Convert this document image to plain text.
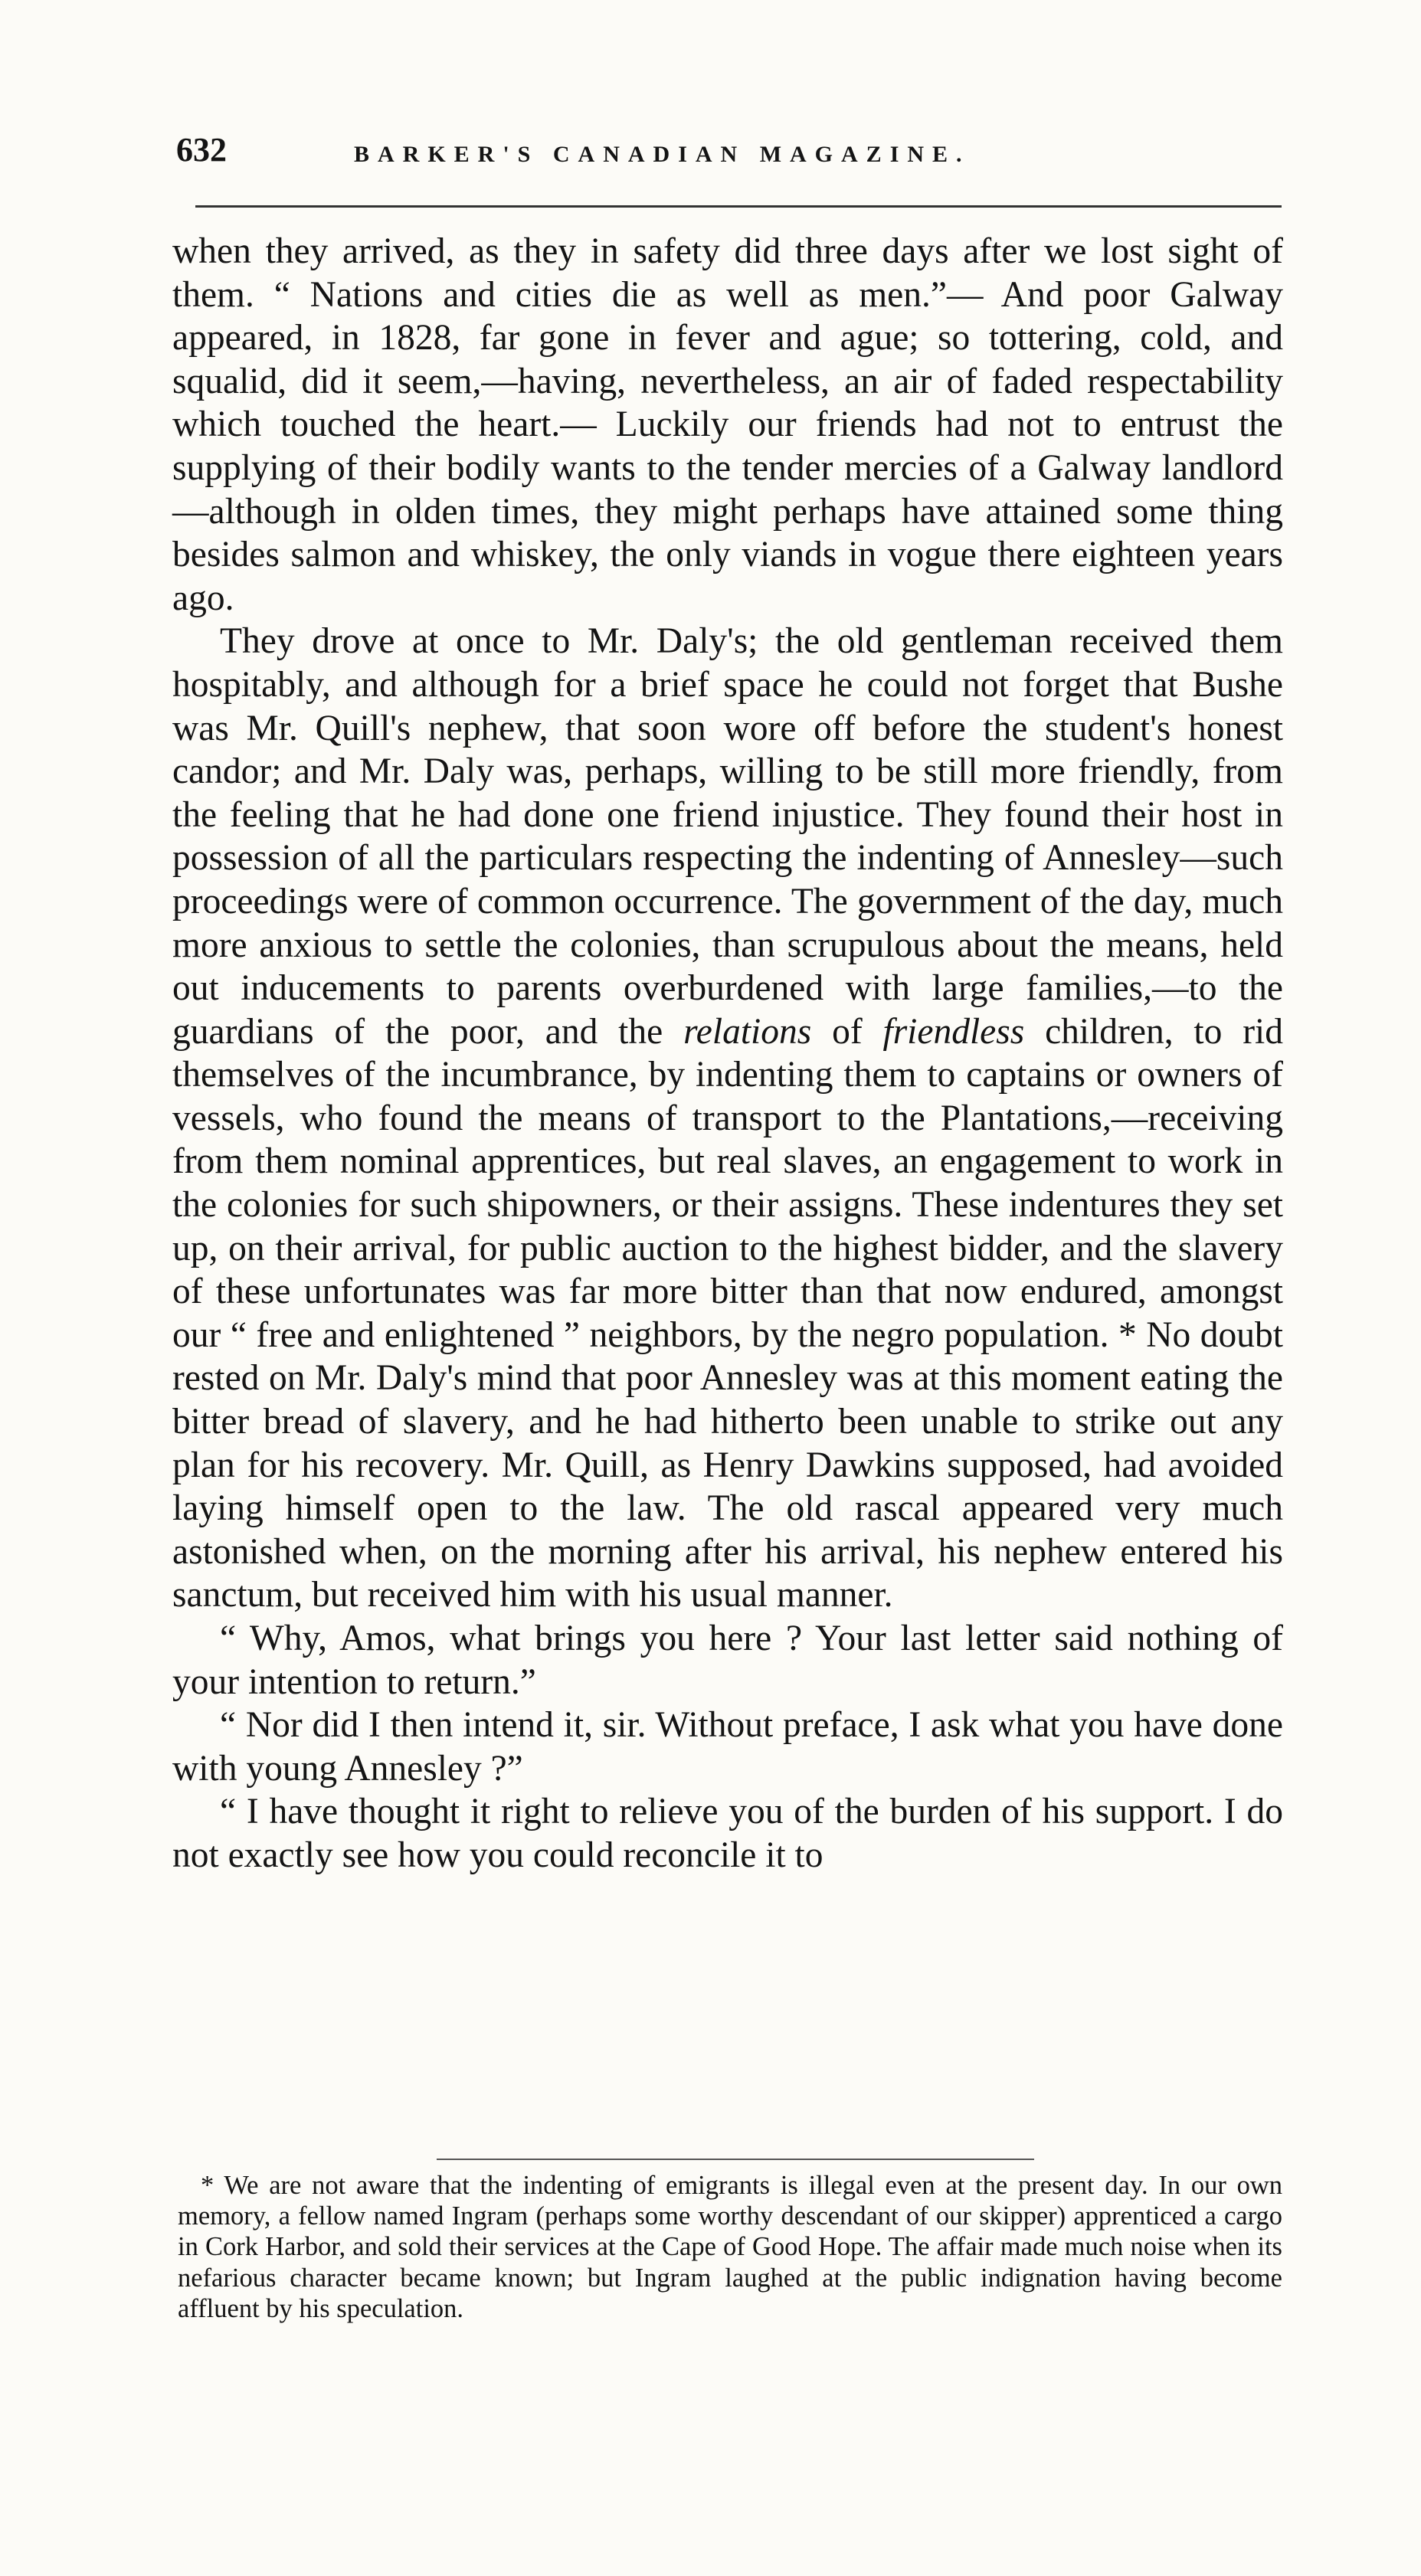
632	BARKER'S CANADIAN MAGAZINE.

when they arrived, as they in safety did three days after we lost sight of them. “ Nations and cities die as well as men.”— And poor Galway appeared, in 1828, far gone in fever and ague; so tottering, cold, and squalid, did it seem,—having, nevertheless, an air of faded respectability which touched the heart.— Luckily our friends had not to entrust the supplying of their bodily wants to the tender mercies of a Galway landlord—although in olden times, they might perhaps have attained some thing besides salmon and whiskey, the only viands in vogue there eighteen years ago.

They drove at once to Mr. Daly's; the old gentleman received them hospitably, and although for a brief space he could not forget that Bushe was Mr. Quill's nephew, that soon wore off before the student's honest candor; and Mr. Daly was, perhaps, willing to be still more friendly, from the feeling that he had done one friend injustice. They found their host in possession of all the particulars respecting the indenting of Annesley—such proceedings were of common occurrence. The government of the day, much more anxious to settle the colonies, than scrupulous about the means, held out inducements to parents overburdened with large families,—to the guardians of the poor, and the relations of friendless children, to rid themselves of the incumbrance, by indenting them to captains or owners of vessels, who found the means of transport to the Plantations,—receiving from them nominal apprentices, but real slaves, an engagement to work in the colonies for such shipowners, or their assigns. These indentures they set up, on their arrival, for public auction to the highest bidder, and the slavery of these unfortunates was far more bitter than that now endured, amongst our “ free and enlightened ” neighbors, by the negro population. * No doubt rested on Mr. Daly's mind that poor Annesley was at this moment eating the bitter bread of slavery, and he had hitherto been unable to strike out any plan for his recovery. Mr. Quill, as Henry Dawkins supposed, had avoided laying himself open to the law. The old rascal appeared very much astonished when, on the morning after his arrival, his nephew entered his sanctum, but received him with his usual manner.

“ Why, Amos, what brings you here ? Your last letter said nothing of your intention to return.”

“ Nor did I then intend it, sir. Without preface, I ask what you have done with young Annesley ?”

“ I have thought it right to relieve you of the burden of his support. I do not exactly see how you could reconcile it to

* We are not aware that the indenting of emigrants is illegal even at the present day. In our own memory, a fellow named Ingram (perhaps some worthy descendant of our skipper) apprenticed a cargo in Cork Harbor, and sold their services at the Cape of Good Hope. The affair made much noise when its nefarious character became known; but Ingram laughed at the public indignation having become affluent by his speculation.
